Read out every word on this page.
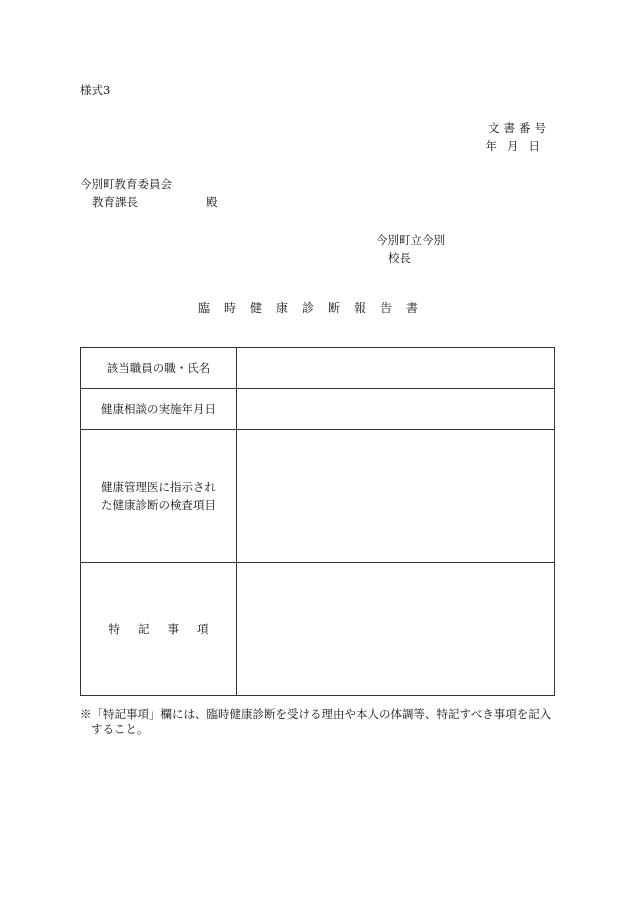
様式3
文書番号
年月日
今別町教育委員会
教育課長	殿
今別町立今別
校長
臨時健康診断報告書
該当職員の職・氏名	
健康相談の実施年月日	

健康管理医に指示され
た健康診断の検査項目	

特記事項	
※「特記事項」欄には、臨時健康診断を受ける理由や本人の体調等、特記すべき事項を記入
すること。
